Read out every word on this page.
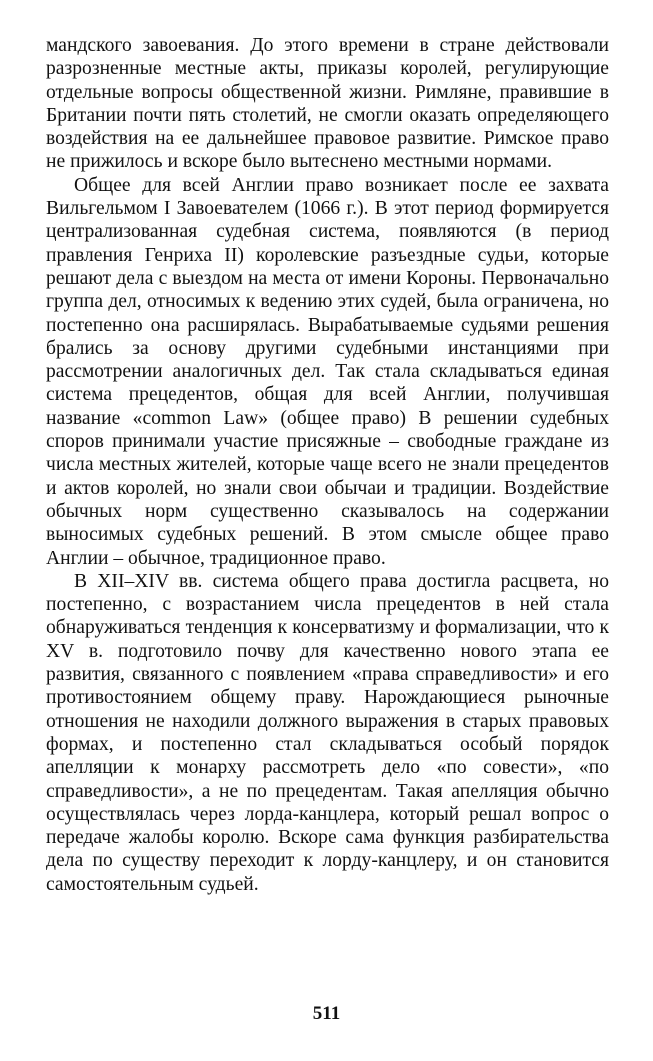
мандского завоевания. До этого времени в стране действовали разрозненные местные акты, приказы королей, регулирующие отдельные вопросы общественной жизни. Римляне, правившие в Британии почти пять столетий, не смогли оказать определяющего воздействия на ее дальнейшее правовое развитие. Римское право не прижилось и вскоре было вытеснено местными нормами.

Общее для всей Англии право возникает после ее захвата Вильгельмом I Завоевателем (1066 г.). В этот период формируется централизованная судебная система, появляются (в период правления Генриха II) королевские разъездные судьи, которые решают дела с выездом на места от имени Короны. Первоначально группа дел, относимых к ведению этих судей, была ограничена, но постепенно она расширялась. Вырабатываемые судьями решения брались за основу другими судебными инстанциями при рассмотрении аналогичных дел. Так стала складываться единая система прецедентов, общая для всей Англии, получившая название «common Law» (общее право) В решении судебных споров принимали участие присяжные – свободные граждане из числа местных жителей, которые чаще всего не знали прецедентов и актов королей, но знали свои обычаи и традиции. Воздействие обычных норм существенно сказывалось на содержании выносимых судебных решений. В этом смысле общее право Англии – обычное, традиционное право.

В XII–XIV вв. система общего права достигла расцвета, но постепенно, с возрастанием числа прецедентов в ней стала обнаруживаться тенденция к консерватизму и формализации, что к XV в. подготовило почву для качественно нового этапа ее развития, связанного с появлением «права справедливости» и его противостоянием общему праву. Нарождающиеся рыночные отношения не находили должного выражения в старых правовых формах, и постепенно стал складываться особый порядок апелляции к монарху рассмотреть дело «по совести», «по справедливости», а не по прецедентам. Такая апелляция обычно осуществлялась через лорда-канцлера, который решал вопрос о передаче жалобы королю. Вскоре сама функция разбирательства дела по существу переходит к лорду-канцлеру, и он становится самостоятельным судьей.

511
